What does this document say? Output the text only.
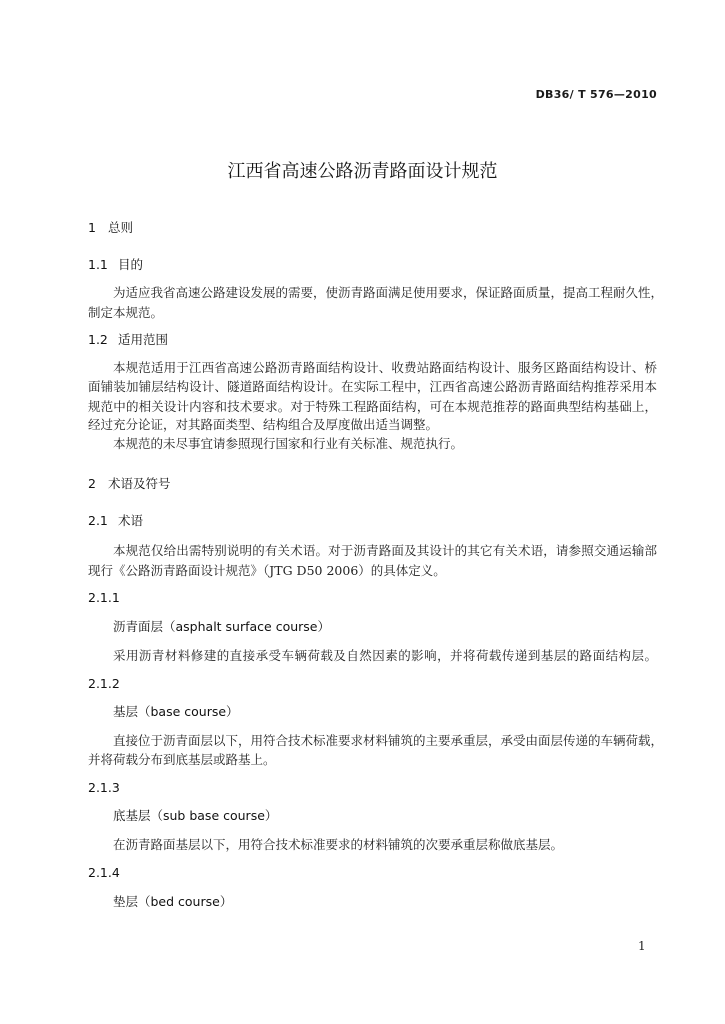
DB36/ T 576—2010
江西省高速公路沥青路面设计规范
1 总则
1.1 目的
为适应我省高速公路建设发展的需要，使沥青路面满足使用要求，保证路面质量，提高工程耐久性，
制定本规范。
1.2 适用范围
本规范适用于江西省高速公路沥青路面结构设计、收费站路面结构设计、服务区路面结构设计、桥
面铺装加铺层结构设计、隧道路面结构设计。在实际工程中，江西省高速公路沥青路面结构推荐采用本
规范中的相关设计内容和技术要求。对于特殊工程路面结构，可在本规范推荐的路面典型结构基础上，
经过充分论证，对其路面类型、结构组合及厚度做出适当调整。
本规范的未尽事宜请参照现行国家和行业有关标准、规范执行。
2 术语及符号
2.1 术语
本规范仅给出需特别说明的有关术语。对于沥青路面及其设计的其它有关术语，请参照交通运输部
现行《公路沥青路面设计规范》（JTG D50 2006）的具体定义。
2.1.1
沥青面层（asphalt surface course）
采用沥青材料修建的直接承受车辆荷载及自然因素的影响，并将荷载传递到基层的路面结构层。
2.1.2
基层（base course）
直接位于沥青面层以下，用符合技术标准要求材料铺筑的主要承重层，承受由面层传递的车辆荷载，
并将荷载分布到底基层或路基上。
2.1.3
底基层（sub base course）
在沥青路面基层以下，用符合技术标准要求的材料铺筑的次要承重层称做底基层。
2.1.4
垫层（bed course）
1
